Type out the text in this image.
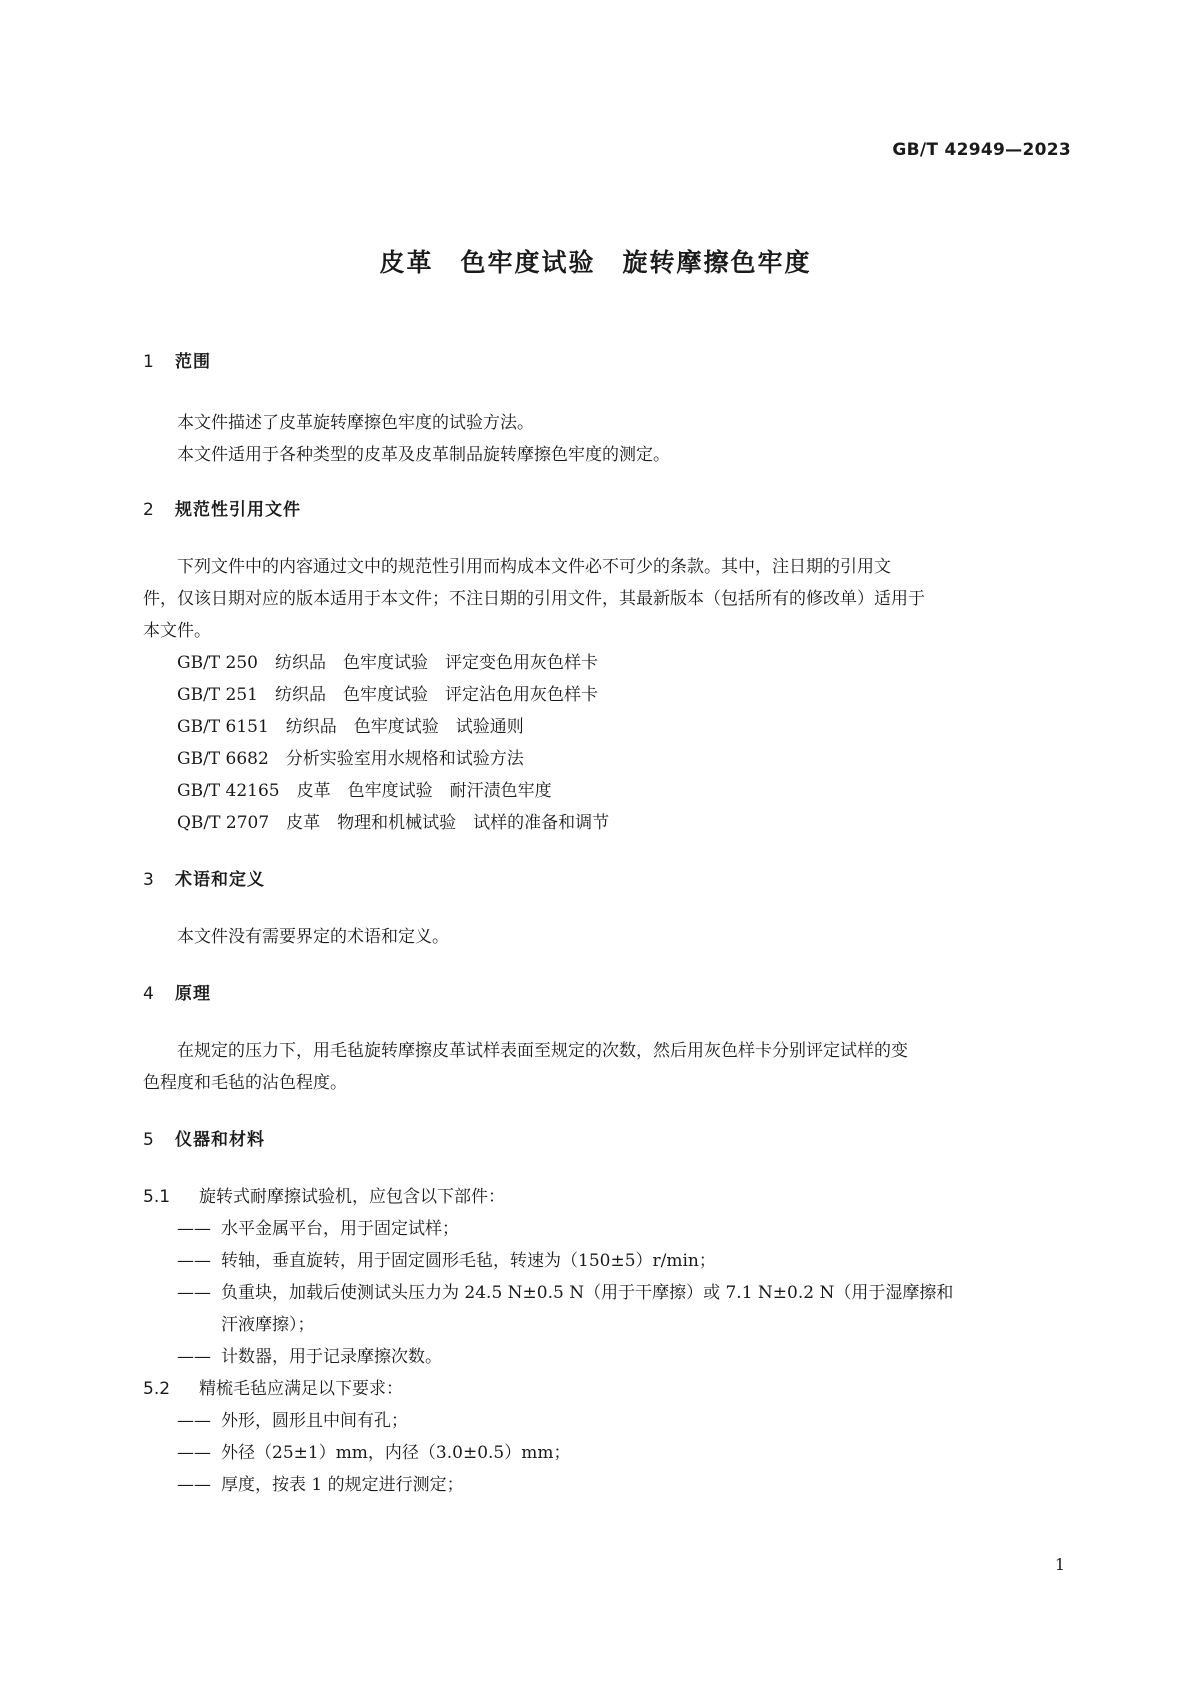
GB/T 42949—2023
皮革　色牢度试验　旋转摩擦色牢度

1 范围

本文件描述了皮革旋转摩擦色牢度的试验方法。

本文件适用于各种类型的皮革及皮革制品旋转摩擦色牢度的测定。

2 规范性引用文件

下列文件中的内容通过文中的规范性引用而构成本文件必不可少的条款。其中，注日期的引用文

件，仅该日期对应的版本适用于本文件；不注日期的引用文件，其最新版本（包括所有的修改单）适用于

本文件。

GB/T 250　纺织品　色牢度试验　评定变色用灰色样卡

GB/T 251　纺织品　色牢度试验　评定沾色用灰色样卡

GB/T 6151　纺织品　色牢度试验　试验通则

GB/T 6682　分析实验室用水规格和试验方法

GB/T 42165　皮革　色牢度试验　耐汗渍色牢度

QB/T 2707　皮革　物理和机械试验　试样的准备和调节

3 术语和定义

本文件没有需要界定的术语和定义。

4 原理

在规定的压力下，用毛毡旋转摩擦皮革试样表面至规定的次数，然后用灰色样卡分别评定试样的变

色程度和毛毡的沾色程度。

5 仪器和材料

5.1 旋转式耐摩擦试验机，应包含以下部件：

—— 水平金属平台，用于固定试样；

—— 转轴，垂直旋转，用于固定圆形毛毡，转速为（150±5）r/min；

—— 负重块，加载后使测试头压力为 24.5 N±0.5 N（用于干摩擦）或 7.1 N±0.2 N（用于湿摩擦和

汗液摩擦）；

—— 计数器，用于记录摩擦次数。

5.2 精梳毛毡应满足以下要求：

—— 外形，圆形且中间有孔；

—— 外径（25±1）mm，内径（3.0±0.5）mm；

—— 厚度，按表 1 的规定进行测定；

1
